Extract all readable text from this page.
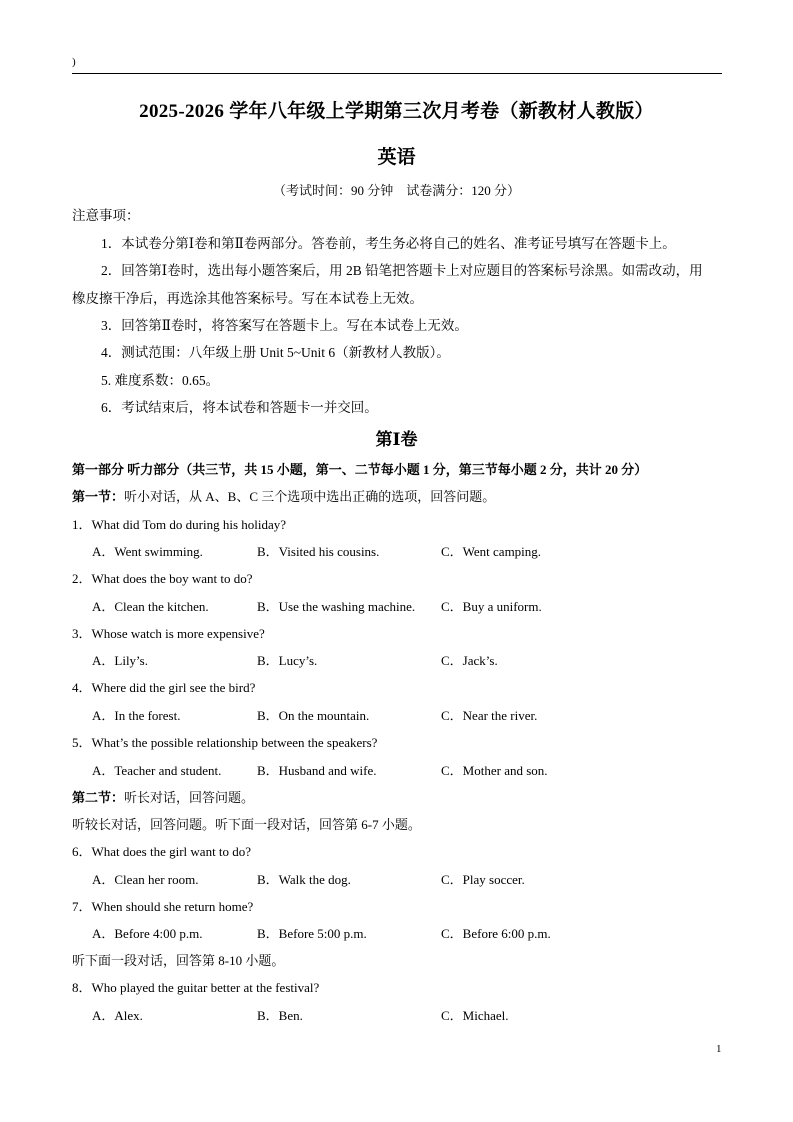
)
2025-2026 学年八年级上学期第三次月考卷（新教材人教版）
英语
（考试时间：90 分钟　试卷满分：120 分）
注意事项：
1．本试卷分第Ⅰ卷和第Ⅱ卷两部分。答卷前，考生务必将自己的姓名、准考证号填写在答题卡上。
2．回答第Ⅰ卷时，选出每小题答案后，用 2B 铅笔把答题卡上对应题目的答案标号涂黑。如需改动，用
橡皮擦干净后，再选涂其他答案标号。写在本试卷上无效。
3．回答第Ⅱ卷时，将答案写在答题卡上。写在本试卷上无效。
4．测试范围：八年级上册 Unit 5~Unit 6（新教材人教版）。
5. 难度系数：0.65。
6．考试结束后，将本试卷和答题卡一并交回。
第Ⅰ卷
第一部分 听力部分（共三节，共 15 小题，第一、二节每小题 1 分，第三节每小题 2 分，共计 20 分）
第一节：听小对话，从 A、B、C 三个选项中选出正确的选项，回答问题。
1．What did Tom do during his holiday?
A．Went swimming.	B．Visited his cousins.	C．Went camping.
2．What does the boy want to do?
A．Clean the kitchen.	B．Use the washing machine. C．Buy a uniform.
3．Whose watch is more expensive?
A．Lily’s.	B．Lucy’s.	C．Jack’s.
4．Where did the girl see the bird?
A．In the forest.	B．On the mountain.	C．Near the river.
5．What’s the possible relationship between the speakers?
A．Teacher and student.	B．Husband and wife.	C．Mother and son.
第二节：听长对话，回答问题。
听较长对话，回答问题。听下面一段对话，回答第 6-7 小题。
6．What does the girl want to do?
A．Clean her room.	B．Walk the dog.	C．Play soccer.
7．When should she return home?
A．Before 4:00 p.m.	B．Before 5:00 p.m.	C．Before 6:00 p.m.
听下面一段对话，回答第 8-10 小题。
8．Who played the guitar better at the festival?
A．Alex.	B．Ben.	C．Michael.
1
